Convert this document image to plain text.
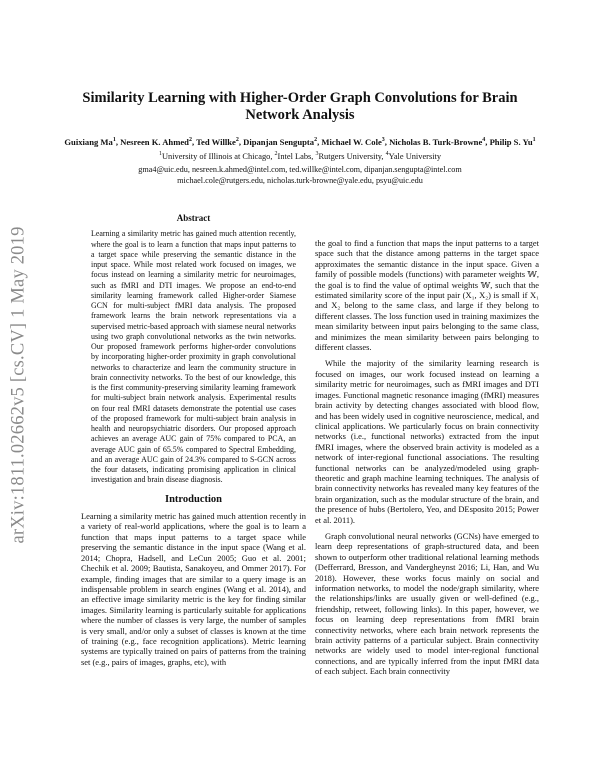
arXiv:1811.02662v5 [cs.CV] 1 May 2019
Similarity Learning with Higher-Order Graph Convolutions for Brain Network Analysis
Guixiang Ma$^1$, Nesreen K. Ahmed$^2$, Ted Willke$^2$, Dipanjan Sengupta$^2$, Michael W. Cole$^3$, Nicholas B. Turk-Browne$^4$, Philip S. Yu$^1$
$^1$University of Illinois at Chicago, $^2$Intel Labs, $^3$Rutgers University, $^4$Yale University
gma4@uic.edu, nesreen.k.ahmed@intel.com, ted.willke@intel.com, dipanjan.sengupta@intel.com
michael.cole@rutgers.edu, nicholas.turk-browne@yale.edu, psyu@uic.edu
Abstract
Learning a similarity metric has gained much attention recently, where the goal is to learn a function that maps input patterns to a target space while preserving the semantic distance in the input space. While most related work focused on images, we focus instead on learning a similarity metric for neuroimages, such as fMRI and DTI images. We propose an end-to-end similarity learning framework called Higher-order Siamese GCN for multi-subject fMRI data analysis. The proposed framework learns the brain network representations via a supervised metric-based approach with siamese neural networks using two graph convolutional networks as the twin networks. Our proposed framework performs higher-order convolutions by incorporating higher-order proximity in graph convolutional networks to characterize and learn the community structure in brain connectivity networks. To the best of our knowledge, this is the first community-preserving similarity learning framework for multi-subject brain network analysis. Experimental results on four real fMRI datasets demonstrate the potential use cases of the proposed framework for multi-subject brain analysis in health and neuropsychiatric disorders. Our proposed approach achieves an average AUC gain of 75% compared to PCA, an average AUC gain of 65.5% compared to Spectral Embedding, and an average AUC gain of 24.3% compared to S-GCN across the four datasets, indicating promising application in clinical investigation and brain disease diagnosis.
Introduction

Learning a similarity metric has gained much attention recently in a variety of real-world applications, where the goal is to learn a function that maps input patterns to a target space while preserving the semantic distance in the input space (Wang et al. 2014; Chopra, Hadsell, and LeCun 2005; Guo et al. 2001; Chechik et al. 2009; Bautista, Sanakoyeu, and Ommer 2017). For example, finding images that are similar to a query image is an indispensable problem in search engines (Wang et al. 2014), and an effective image similarity metric is the key for finding similar images. Similarity learning is particularly suitable for applications where the number of classes is very large, the number of samples is very small, and/or only a subset of classes is known at the time of training (e.g., face recognition applications). Metric learning systems are typically trained on pairs of patterns from the training set (e.g., pairs of images, graphs, etc), with

the goal to find a function that maps the input patterns to a target space such that the distance among patterns in the target space approximates the semantic distance in the input space. Given a family of possible models (functions) with parameter weights 𝕎, the goal is to find the value of optimal weights 𝕎, such that the estimated similarity score of the input pair (X₁, X₂) is small if X₁ and X₂ belong to the same class, and large if they belong to different classes. The loss function used in training maximizes the mean similarity between input pairs belonging to the same class, and minimizes the mean similarity between pairs belonging to different classes.

While the majority of the similarity learning research is focused on images, our work focused instead on learning a similarity metric for neuroimages, such as fMRI images and DTI images. Functional magnetic resonance imaging (fMRI) measures brain activity by detecting changes associated with blood flow, and has been widely used in cognitive neuroscience, medical, and clinical applications. We particularly focus on brain connectivity networks (i.e., functional networks) extracted from the input fMRI images, where the observed brain activity is modeled as a network of inter-regional functional associations. The resulting functional networks can be analyzed/modeled using graph-theoretic and graph machine learning techniques. The analysis of brain connectivity networks has revealed many key features of the brain organization, such as the modular structure of the brain, and the presence of hubs (Bertolero, Yeo, and DEsposito 2015; Power et al. 2011).

Graph convolutional neural networks (GCNs) have emerged to learn deep representations of graph-structured data, and been shown to outperform other traditional relational learning methods (Defferrard, Bresson, and Vandergheynst 2016; Li, Han, and Wu 2018). However, these works focus mainly on social and information networks, to model the node/graph similarity, where the relationships/links are usually given or well-defined (e.g., friendship, retweet, following links). In this paper, however, we focus on learning deep representations from fMRI brain connectivity networks, where each brain network represents the brain activity patterns of a particular subject. Brain connectivity networks are widely used to model inter-regional functional connections, and are typically inferred from the input fMRI data of each subject. Each brain connectivity
